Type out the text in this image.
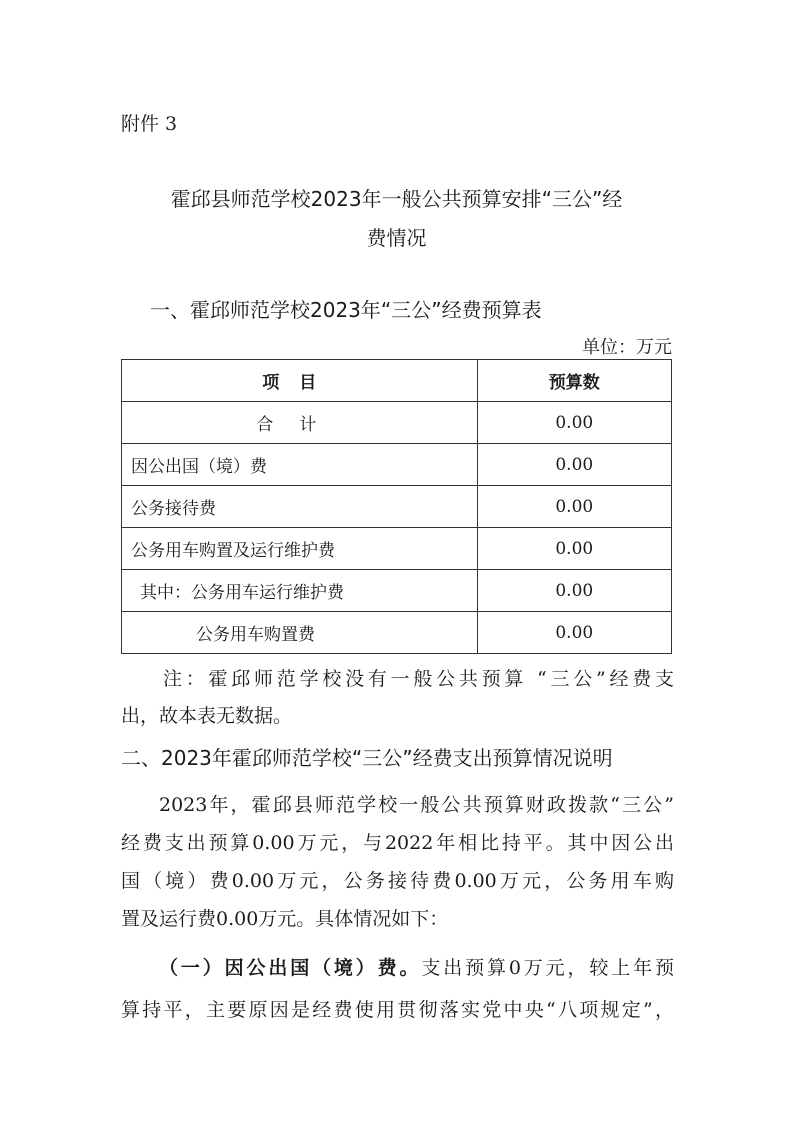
附件 3
霍邱县师范学校2023年一般公共预算安排“三公”经
费情况
一、霍邱师范学校2023年“三公”经费预算表
单位：万元
项目	预算数
合计	0.00
因公出国（境）费	0.00
公务接待费	0.00
公务用车购置及运行维护费	0.00
其中：公务用车运行维护费	0.00
公务用车购置费	0.00
注：霍邱师范学校没有一般公共预算 “三公”经费支
出，故本表无数据。
二、2023年霍邱师范学校“三公”经费支出预算情况说明
2023年，霍邱县师范学校一般公共预算财政拨款“三公”
经费支出预算0.00万元，与2022年相比持平。其中因公出
国（境）费0.00万元，公务接待费0.00万元，公务用车购
置及运行费0.00万元。具体情况如下：
（一）因公出国（境）费。支出预算0万元，较上年预
算持平，主要原因是经费使用贯彻落实党中央“八项规定”，
